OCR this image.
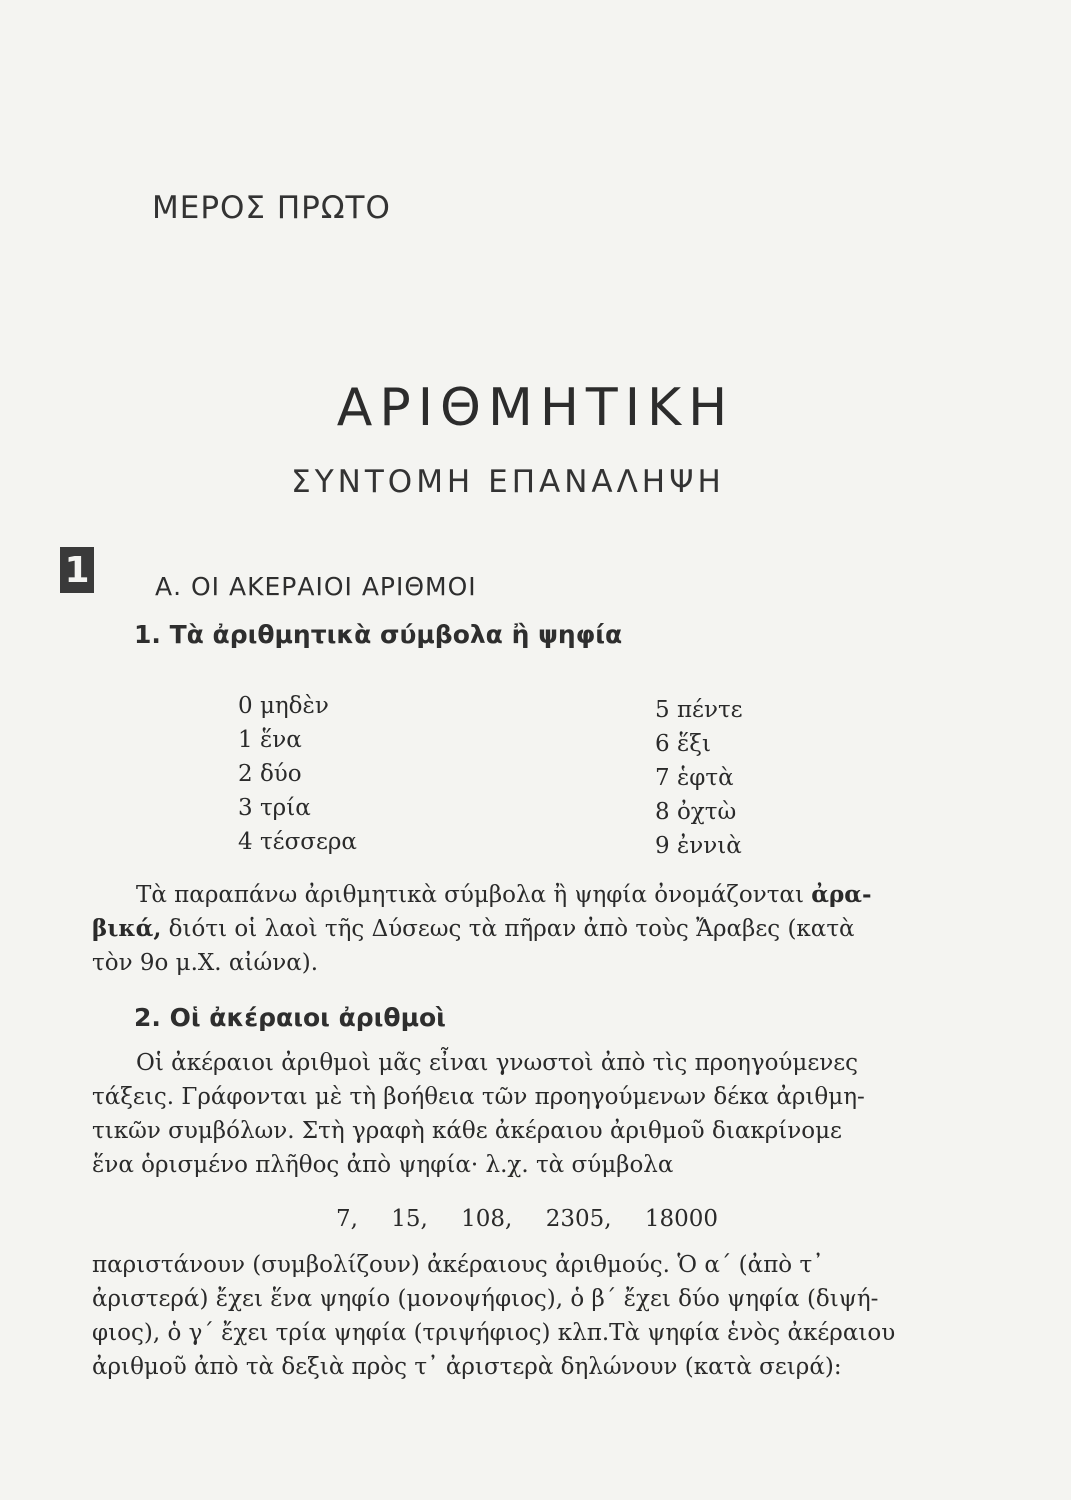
ΜΕΡΟΣ ΠΡΩΤΟ
ΑΡΙΘΜΗΤΙΚΗ
ΣΥΝΤΟΜΗ ΕΠΑΝΑΛΗΨΗ
1	Α. ΟΙ ΑΚΕΡΑΙΟΙ ΑΡΙΘΜΟΙ
1. Τὰ ἀριθμητικὰ σύμβολα ἢ ψηφία
0 μηδὲν
1 ἕνα
2 δύο
3 τρία
4 τέσσερα
5 πέντε
6 ἕξι
7 ἑφτὰ
8 ὀχτὼ
9 ἐννιὰ
Τὰ παραπάνω ἀριθμητικὰ σύμβολα ἢ ψηφία ὀνομάζονται ἀρα-
βικά, διότι οἱ λαοὶ τῆς Δύσεως τὰ πῆραν ἀπὸ τοὺς Ἄραβες (κατὰ
τὸν 9ο μ.Χ. αἰώνα).
2. Οἱ ἀκέραιοι ἀριθμοὶ
Οἱ ἀκέραιοι ἀριθμοὶ μᾶς εἶναι γνωστοὶ ἀπὸ τὶς προηγούμενες
τάξεις. Γράφονται μὲ τὴ βοήθεια τῶν προηγούμενων δέκα ἀριθμη-
τικῶν συμβόλων. Στὴ γραφὴ κάθε ἀκέραιου ἀριθμοῦ διακρίνομε
ἕνα ὁρισμένο πλῆθος ἀπὸ ψηφία· λ.χ. τὰ σύμβολα
7, 15, 108, 2305, 18000
παριστάνουν (συμβολίζουν) ἀκέραιους ἀριθμούς. Ὁ α΄ (ἀπὸ τ᾽
ἀριστερά) ἔχει ἕνα ψηφίο (μονοψήφιος), ὁ β΄ ἔχει δύο ψηφία (διψή-
φιος), ὁ γ΄ ἔχει τρία ψηφία (τριψήφιος) κλπ.Τὰ ψηφία ἑνὸς ἀκέραιου
ἀριθμοῦ ἀπὸ τὰ δεξιὰ πρὸς τ᾽ ἀριστερὰ δηλώνουν (κατὰ σειρά):
